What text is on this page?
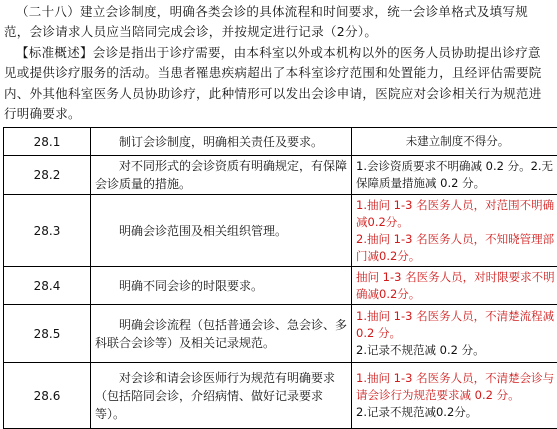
（二十八）建立会诊制度，明确各类会诊的具体流程和时间要求，统一会诊单格式及填写规范，会诊请求人员应当陪同完成会诊，并按规定进行记录（2分）。

【标准概述】会诊是指出于诊疗需要，由本科室以外或本机构以外的医务人员协助提出诊疗意见或提供诊疗服务的活动。当患者罹患疾病超出了本科室诊疗范围和处置能力，且经评估需要院内、外其他科室医务人员协助诊疗，此种情形可以发出会诊申请，医院应对会诊相关行为规范进行明确要求。

28.1	制订会诊制度，明确相关责任及要求。	未建立制度不得分。

28.2	对不同形式的会诊资质有明确规定，有保障会诊质量的措施。	1.会诊资质要求不明确减 0.2 分。2.无保障质量措施减 0.2 分。

28.3	明确会诊范围及相关组织管理。	1.抽问 1-3 名医务人员，对范围不明确减0.2分。
2.抽问 1-3 名医务人员，不知晓管理部门减0.2分。

28.4	明确不同会诊的时限要求。	抽问 1-3 名医务人员，对时限要求不明确减0.2分。

28.5	明确会诊流程（包括普通会诊、急会诊、多科联合会诊等）及相关记录规范。	1.抽问 1-3 名医务人员，不清楚流程减 0.2 分。
2.记录不规范减 0.2 分。

28.6	对会诊和请会诊医师行为规范有明确要求（包括陪同会诊，介绍病情、做好记录要求等）。	1.抽问 1-3 名医务人员，不清楚会诊与请会诊行为规范要求减 0.2 分。
2.记录不规范减0.2分。
